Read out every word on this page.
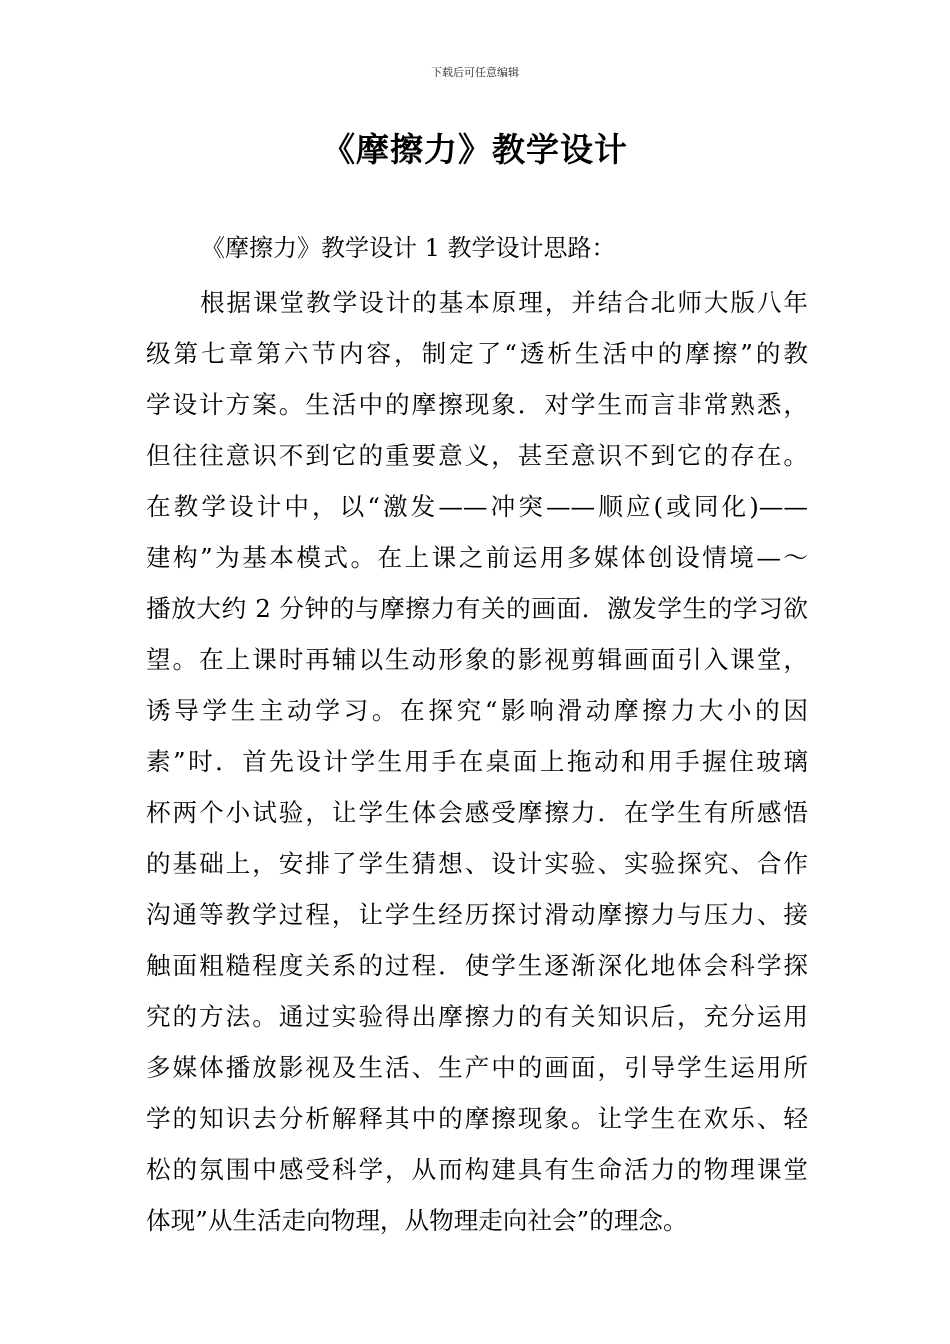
下载后可任意编辑
《摩擦力》教学设计

《摩擦力》教学设计 1 教学设计思路：

根据课堂教学设计的基本原理，并结合北师大版八年
级第七章第六节内容，制定了“透析生活中的摩擦”的教
学设计方案。生活中的摩擦现象．对学生而言非常熟悉，
但往往意识不到它的重要意义，甚至意识不到它的存在。
在教学设计中，以“激发——冲突——顺应(或同化)——
建构”为基本模式。在上课之前运用多媒体创设情境—～
播放大约 2 分钟的与摩擦力有关的画面．激发学生的学习欲
望。在上课时再辅以生动形象的影视剪辑画面引入课堂，
诱导学生主动学习。在探究“影响滑动摩擦力大小的因
素”时．首先设计学生用手在桌面上拖动和用手握住玻璃
杯两个小试验，让学生体会感受摩擦力．在学生有所感悟
的基础上，安排了学生猜想、设计实验、实验探究、合作
沟通等教学过程，让学生经历探讨滑动摩擦力与压力、接
触面粗糙程度关系的过程．使学生逐渐深化地体会科学探
究的方法。通过实验得出摩擦力的有关知识后，充分运用
多媒体播放影视及生活、生产中的画面，引导学生运用所
学的知识去分析解释其中的摩擦现象。让学生在欢乐、轻
松的氛围中感受科学，从而构建具有生命活力的物理课堂
体现”从生活走向物理，从物理走向社会”的理念。
